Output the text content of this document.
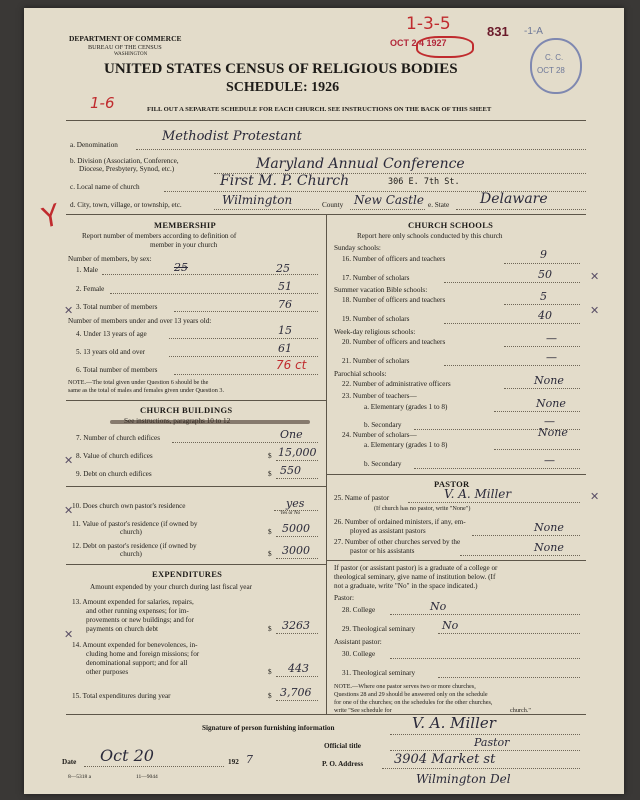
DEPARTMENT OF COMMERCE
BUREAU OF THE CENSUS
WASHINGTON
UNITED STATES CENSUS OF RELIGIOUS BODIES
SCHEDULE: 1926
FILL OUT A SEPARATE SCHEDULE FOR EACH CHURCH. SEE INSTRUCTIONS ON THE BACK OF THIS SHEET
1-3-5
OCT 2 4 1927
831 -1-A
C. C.
OCT 28
1-6
Y
a. Denomination
Methodist Protestant
b. Division (Association, Conference,
Diocese, Presbytery, Synod, etc.)	Maryland Annual Conference
c. Local name of church	First M. P. Church	306 E. 7th St.
d. City, town, village, or township, etc.	Wilmington	County New Castle e. State Delaware
MEMBERSHIP
Report number of members according to definition of
member in your church
Number of members, by sex:
1. Male	25	25
2. Female	51
3. Total number of members	76
Number of members under and over 13 years old:
4. Under 13 years of age	15
5. 13 years old and over	61
6. Total number of members	76 ct
NOTE.—The total given under Question 6 should be the
same as the total of males and females given under Question 3.
CHURCH BUILDINGS
7. Number of church edifices	One
8. Value of church edifices	$ 15,000
9. Debt on church edifices	$ 550
10. Does church own pastor's residence	yes
Yes or No
11. Value of pastor's residence (if owned by
church)	$ 5000
12. Debt on pastor's residence (if owned by
church)	$ 3000
EXPENDITURES
Amount expended by your church during last fiscal year
13. Amount expended for salaries, repairs,
and other running expenses; for im-
provements or new buildings; and for
payments on church debt	$ 3263
14. Amount expended for benevolences, in-
cluding home and foreign missions; for
denominational support; and for all
other purposes	$ 443
15. Total expenditures during year	$ 3,706
CHURCH SCHOOLS
Report here only schools conducted by this church
Sunday schools:
16. Number of officers and teachers	9
17. Number of scholars	50
Summer vacation Bible schools:
18. Number of officers and teachers	5
19. Number of scholars	40
Week-day religious schools:
20. Number of officers and teachers	—
21. Number of scholars	—
Parochial schools:
22. Number of administrative officers	None
23. Number of teachers—
a. Elementary (grades 1 to 8)	None
b. Secondary	—
24. Number of scholars—
a. Elementary (grades 1 to 8)
None
b. Secondary	—
PASTOR
25. Name of pastor	V. A. Miller
(If church has no pastor, write "None")
26. Number of ordained ministers, if any, em-
ployed as assistant pastors	None
27. Number of other churches served by the
pastor or his assistants	None
If pastor (or assistant pastor) is a graduate of a college or
theological seminary, give name of institution below. (If
not a graduate, write "No" in the space indicated.)
Pastor:
28. College	No
29. Theological seminary No
Assistant pastor:
30. College
31. Theological seminary
NOTE.—Where one pastor serves two or more churches,
Questions 28 and 29 should be answered only on the schedule
for one of the churches; on the schedules for the other churches,
write "See schedule for	church."
Signature of person furnishing information	V. A. Miller
Official title	Pastor
Date Oct 20	192 7	P. O. Address 3904 Market st
Wilmington Del
8—5318 a	11—9044
✕
✕
✕
✕
✕
✕
✕
